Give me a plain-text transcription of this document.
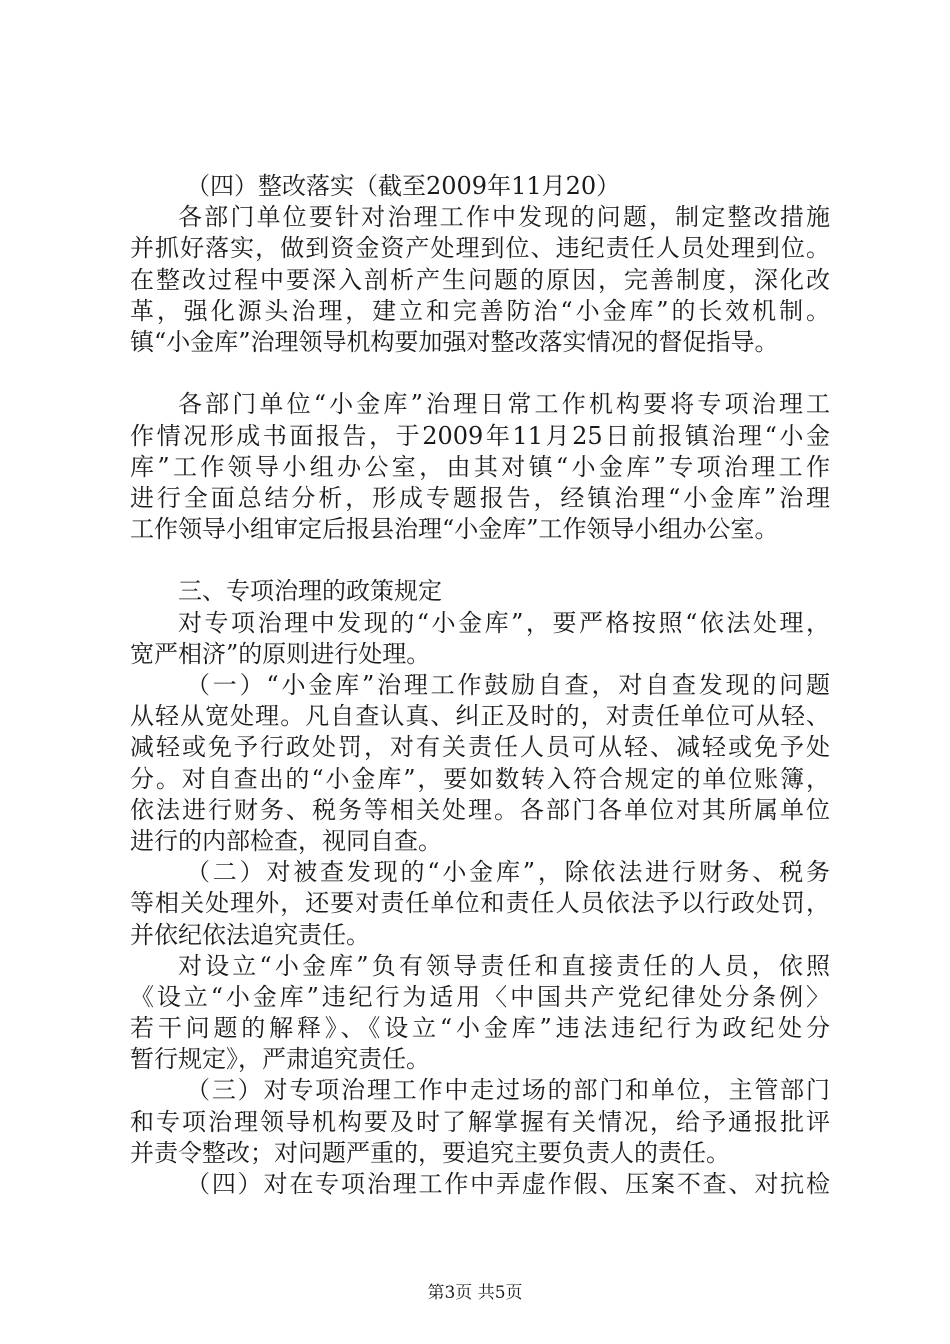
（四）整改落实（截至2009年11月20）
各部门单位要针对治理工作中发现的问题，制定整改措施
并抓好落实，做到资金资产处理到位、违纪责任人员处理到位。
在整改过程中要深入剖析产生问题的原因，完善制度，深化改
革，强化源头治理，建立和完善防治“小金库”的长效机制。
镇“小金库”治理领导机构要加强对整改落实情况的督促指导。
各部门单位“小金库”治理日常工作机构要将专项治理工
作情况形成书面报告，于2009年11月25日前报镇治理“小金
库”工作领导小组办公室，由其对镇“小金库”专项治理工作
进行全面总结分析，形成专题报告，经镇治理“小金库”治理
工作领导小组审定后报县治理“小金库”工作领导小组办公室。
三、专项治理的政策规定
对专项治理中发现的“小金库”，要严格按照“依法处理，
宽严相济”的原则进行处理。
（一）“小金库”治理工作鼓励自查，对自查发现的问题
从轻从宽处理。凡自查认真、纠正及时的，对责任单位可从轻、
减轻或免予行政处罚，对有关责任人员可从轻、减轻或免予处
分。对自查出的“小金库”，要如数转入符合规定的单位账簿，
依法进行财务、税务等相关处理。各部门各单位对其所属单位
进行的内部检查，视同自查。
（二）对被查发现的“小金库”，除依法进行财务、税务
等相关处理外，还要对责任单位和责任人员依法予以行政处罚，
并依纪依法追究责任。
对设立“小金库”负有领导责任和直接责任的人员，依照
《设立“小金库”违纪行为适用〈中国共产党纪律处分条例〉
若干问题的解释》、《设立“小金库”违法违纪行为政纪处分
暂行规定》，严肃追究责任。
（三）对专项治理工作中走过场的部门和单位，主管部门
和专项治理领导机构要及时了解掌握有关情况，给予通报批评
并责令整改；对问题严重的，要追究主要负责人的责任。
（四）对在专项治理工作中弄虚作假、压案不查、对抗检
第3页 共5页
